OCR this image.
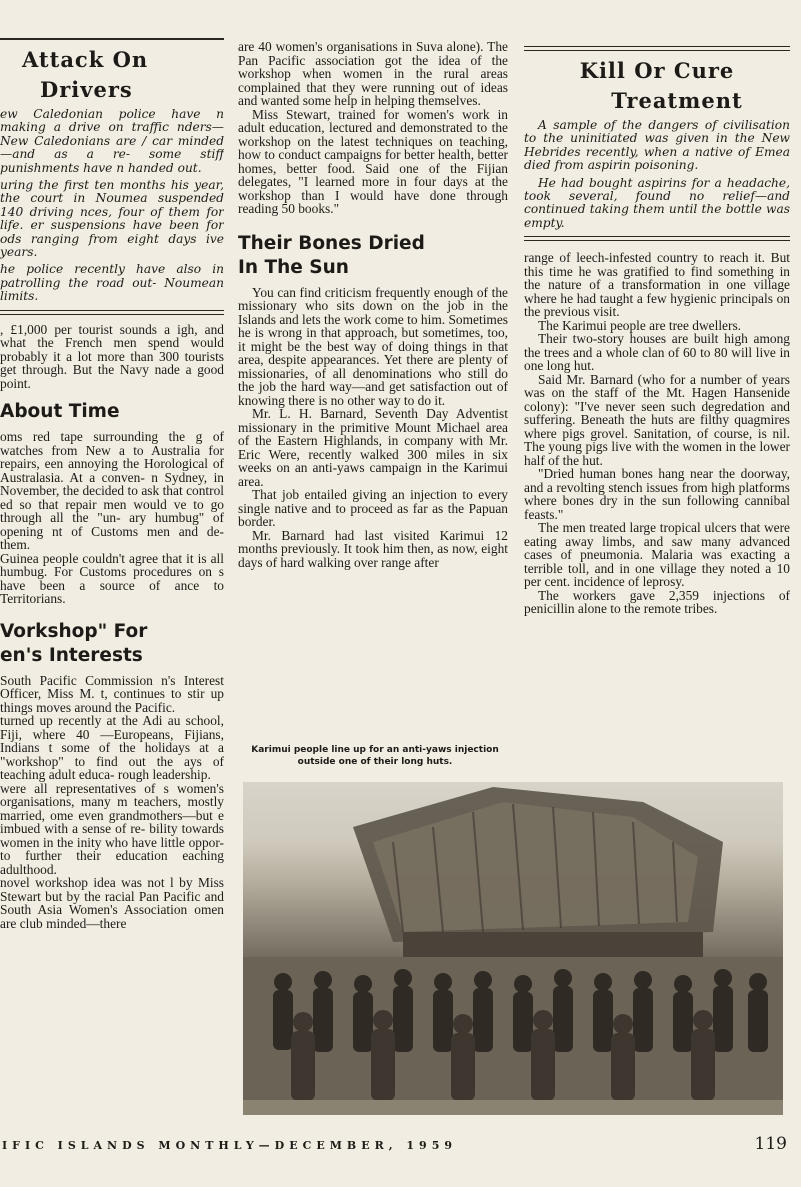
Attack On
Drivers

ew Caledonian police have n making a drive on traffic nders—New Caledonians are / car minded—and as a re- some stiff punishments have n handed out.

uring the first ten months his year, the court in Noumea suspended 140 driving nces, four of them for life. er suspensions have been for ods ranging from eight days ive years.

he police recently have also in patrolling the road out- Noumean limits.

, £1,000 per tourist sounds a igh, and what the French men spend would probably it a lot more than 300 tourists get through. But the Navy nade a good point.

About Time

oms red tape surrounding the g of watches from New a to Australia for repairs, een annoying the Horological of Australasia. At a conven- n Sydney, in November, the decided to ask that control ed so that repair men would ve to go through all the "un- ary humbug" of opening nt of Customs men and de- them.

Guinea people couldn't agree that it is all humbug. For Customs procedures on s have been a source of ance to Territorians.

Vorkshop" For
en's Interests

South Pacific Commission n's Interest Officer, Miss M. t, continues to stir up things moves around the Pacific.

turned up recently at the Adi au school, Fiji, where 40 —Europeans, Fijians, Indians t some of the holidays at a "workshop" to find out the ays of teaching adult educa- rough leadership.

were all representatives of s women's organisations, many m teachers, mostly married, ome even grandmothers—but e imbued with a sense of re- bility towards women in the inity who have little oppor- to further their education eaching adulthood.

novel workshop idea was not l by Miss Stewart but by the racial Pan Pacific and South Asia Women's Association omen are club minded—there

are 40 women's organisations in Suva alone). The Pan Pacific association got the idea of the workshop when women in the rural areas complained that they were running out of ideas and wanted some help in helping themselves.

Miss Stewart, trained for women's work in adult education, lectured and demonstrated to the workshop on the latest techniques on teaching, how to conduct campaigns for better health, better homes, better food. Said one of the Fijian delegates, "I learned more in four days at the workshop than I would have done through reading 50 books."

Their Bones Dried
In The Sun

You can find criticism frequently enough of the missionary who sits down on the job in the Islands and lets the work come to him. Sometimes he is wrong in that approach, but sometimes, too, it might be the best way of doing things in that area, despite appearances. Yet there are plenty of missionaries, of all denominations who still do the job the hard way—and get satisfaction out of knowing there is no other way to do it.

Mr. L. H. Barnard, Seventh Day Adventist missionary in the primitive Mount Michael area of the Eastern Highlands, in company with Mr. Eric Were, recently walked 300 miles in six weeks on an anti-yaws campaign in the Karimui area.

That job entailed giving an injection to every single native and to proceed as far as the Papuan border.

Mr. Barnard had last visited Karimui 12 months previously. It took him then, as now, eight days of hard walking over range after

Kill Or Cure
Treatment

A sample of the dangers of civilisation to the uninitiated was given in the New Hebrides recently, when a native of Emea died from aspirin poisoning.

He had bought aspirins for a headache, took several, found no relief—and continued taking them until the bottle was empty.

range of leech-infested country to reach it. But this time he was gratified to find something in the nature of a transformation in one village where he had taught a few hygienic principals on the previous visit.

The Karimui people are tree dwellers.

Their two-story houses are built high among the trees and a whole clan of 60 to 80 will live in one long hut.

Said Mr. Barnard (who for a number of years was on the staff of the Mt. Hagen Hansenide colony): "I've never seen such degredation and suffering. Beneath the huts are filthy quagmires where pigs grovel. Sanitation, of course, is nil. The young pigs live with the women in the lower half of the hut.

"Dried human bones hang near the doorway, and a revolting stench issues from high platforms where bones dry in the sun following cannibal feasts."

The men treated large tropical ulcers that were eating away limbs, and saw many advanced cases of pneumonia. Malaria was exacting a terrible toll, and in one village they noted a 10 per cent. incidence of leprosy.

The workers gave 2,359 injections of penicillin alone to the remote tribes.

Karimui people line up for an anti-yaws injection outside one of their long huts.
IFIC ISLANDS MONTHLY—DECEMBER, 1959	119
